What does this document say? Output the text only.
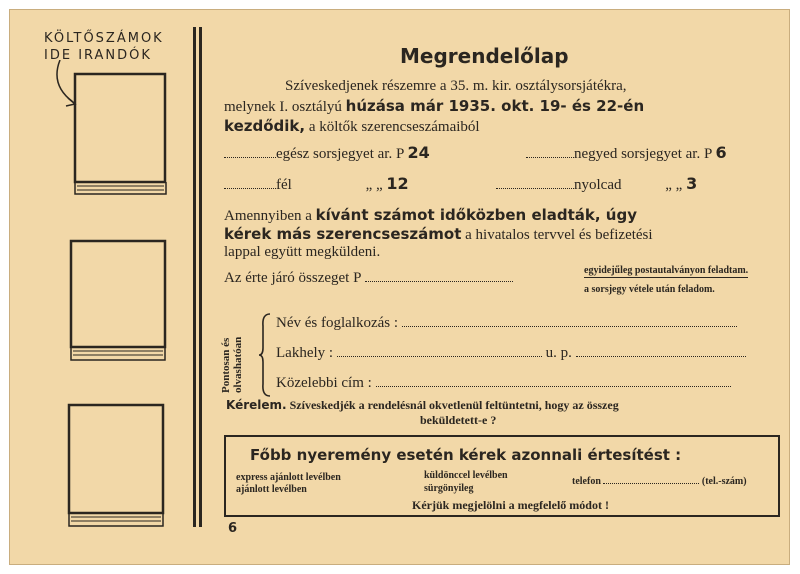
KÖLTŐSZÁMOK
IDE IRANDÓK
6
Megrendelőlap
Szíveskedjenek részemre a 35. m. kir. osztálysorsjátékra,
melynek I. osztályú húzása már 1935. okt. 19- és 22-én
kezdődik, a költők szerencseszámaiból
egész sorsjegyet ar. P 24	negyed sorsjegyet ar. P 6
fél	„ „ 12	nyolcad	„ „ 3
Amennyiben a kívánt számot időközben eladták, úgy
kérek más szerencseszámot a hivatalos tervvel és befizetési
lappal együtt megküldeni.
Az érte járó összeget P	egyidejűleg postautalványon feladtam.
a sorsjegy vétele után feladom.
Pontosan és olvashatóan
Név és foglalkozás :
Lakhely :	u. p.
Közelebbi cím :
Kérelem. Szíveskedjék a rendelésnál okvetlenül feltüntetni, hogy az összeg
beküldetett-e ?
Főbb nyeremény esetén kérek azonnali értesítést :
express ajánlott levélben
ajánlott levélben
küldönccel levélben
sürgönyileg
telefon	(tel.-szám)
Kérjük megjelölni a megfelelő módot !
